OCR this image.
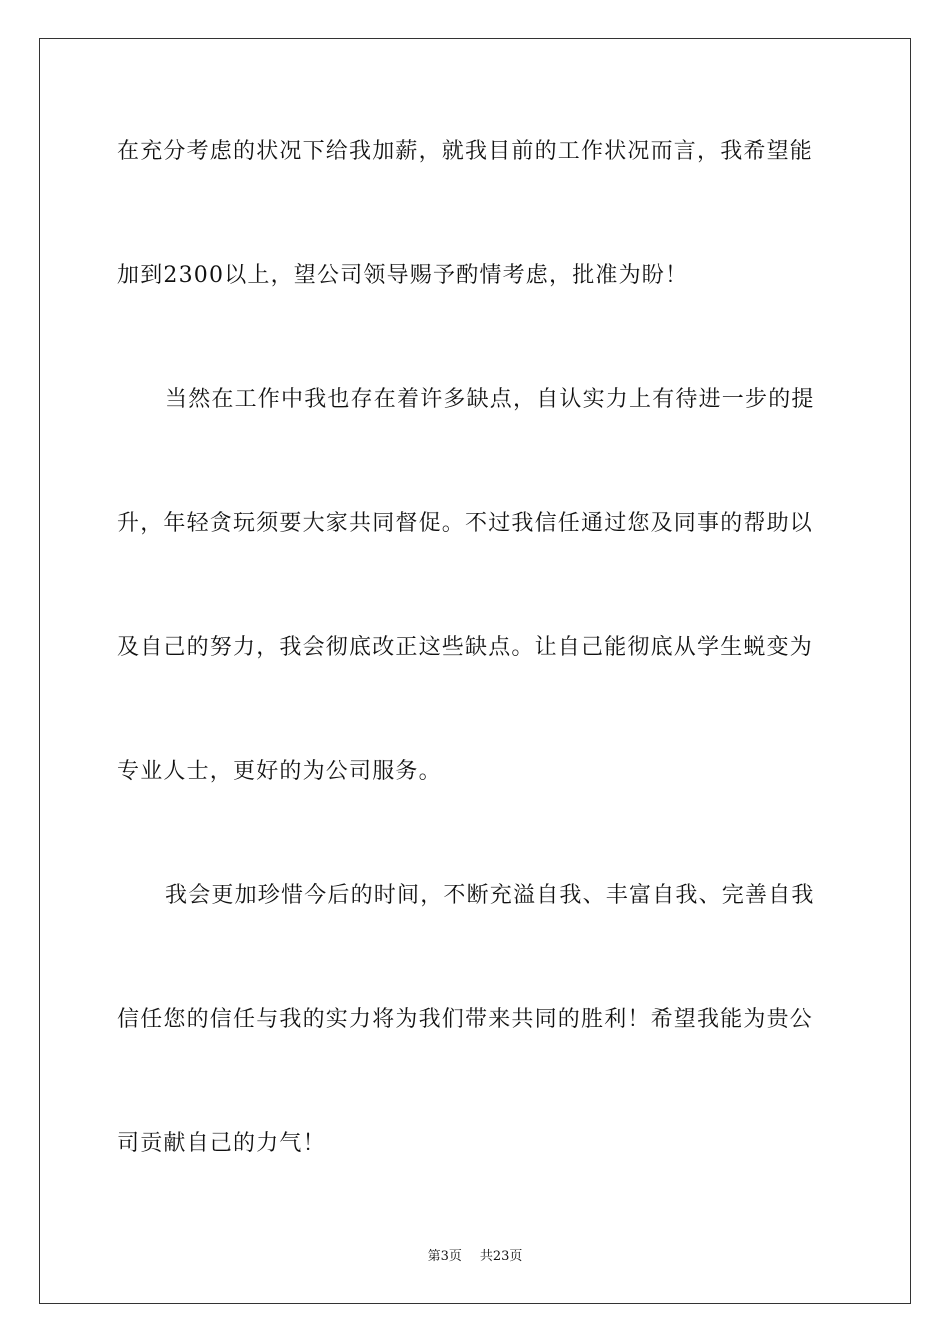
在充分考虑的状况下给我加薪，就我目前的工作状况而言，我希望能
加到2300以上，望公司领导赐予酌情考虑，批准为盼！
当然在工作中我也存在着许多缺点，自认实力上有待进一步的提
升，年轻贪玩须要大家共同督促。不过我信任通过您及同事的帮助以
及自己的努力，我会彻底改正这些缺点。让自己能彻底从学生蜕变为
专业人士，更好的为公司服务。
我会更加珍惜今后的时间，不断充溢自我、丰富自我、完善自我
信任您的信任与我的实力将为我们带来共同的胜利！希望我能为贵公
司贡献自己的力气！
第3页 共23页
